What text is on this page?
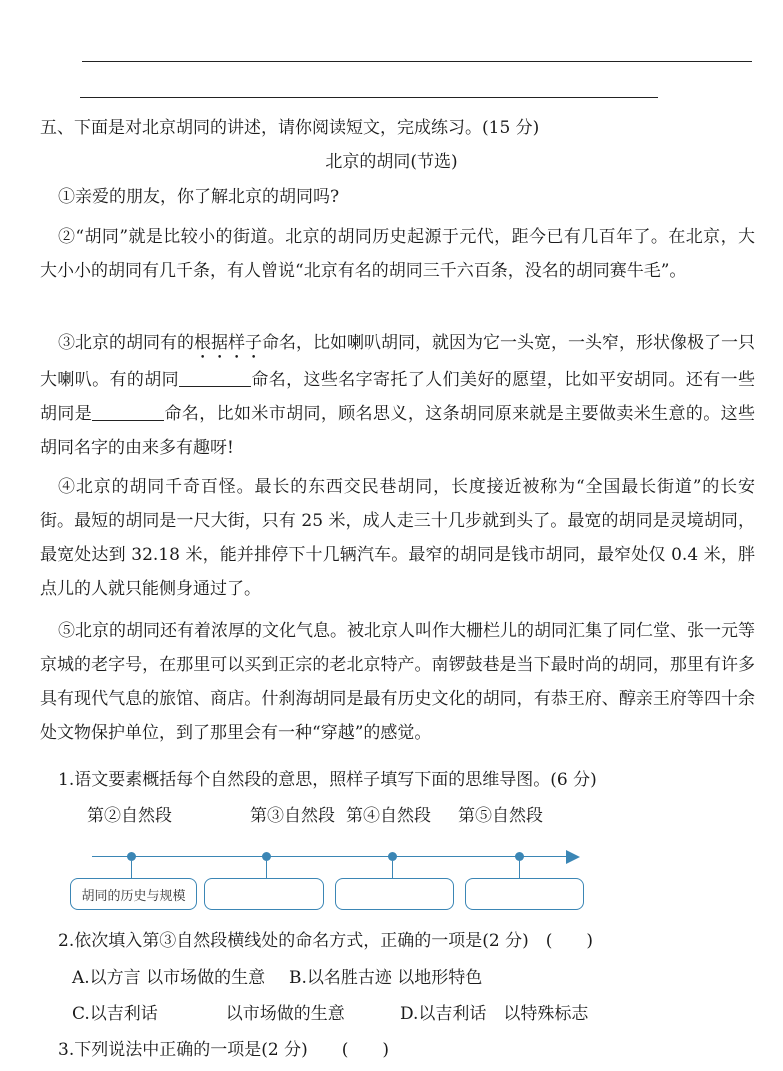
五、下面是对北京胡同的讲述，请你阅读短文，完成练习。(15 分)
北京的胡同(节选)
①亲爱的朋友，你了解北京的胡同吗?
②“胡同”就是比较小的街道。北京的胡同历史起源于元代，距今已有几百年了。在北京，大大小小的胡同有几千条，有人曾说“北京有名的胡同三千六百条，没名的胡同赛牛毛”。
③北京的胡同有的根据样子命名，比如喇叭胡同，就因为它一头宽，一头窄，形状像极了一只大喇叭。有的胡同	命名，这些名字寄托了人们美好的愿望，比如平安胡同。还有一些胡同是	命名，比如米市胡同，顾名思义，这条胡同原来就是主要做卖米生意的。这些胡同名字的由来多有趣呀!
④北京的胡同千奇百怪。最长的东西交民巷胡同，长度接近被称为“全国最长街道”的长安街。最短的胡同是一尺大街，只有 25 米，成人走三十几步就到头了。最宽的胡同是灵境胡同，最宽处达到 32.18 米，能并排停下十几辆汽车。最窄的胡同是钱市胡同，最窄处仅 0.4 米，胖点儿的人就只能侧身通过了。
⑤北京的胡同还有着浓厚的文化气息。被北京人叫作大栅栏儿的胡同汇集了同仁堂、张一元等京城的老字号，在那里可以买到正宗的老北京特产。南锣鼓巷是当下最时尚的胡同，那里有许多具有现代气息的旅馆、商店。什刹海胡同是最有历史文化的胡同，有恭王府、醇亲王府等四十余处文物保护单位，到了那里会有一种“穿越”的感觉。
1.语文要素概括每个自然段的意思，照样子填写下面的思维导图。(6 分)
第②自然段	第③自然段 第④自然段 第⑤自然段
胡同的历史与规模
2.依次填入第③自然段横线处的命名方式，正确的一项是(2 分)　(　　)
A.以方言 以市场做的生意 B.以名胜古迹 以地形特色
C.以吉利话　　　　以市场做的生意	D.以吉利话　以特殊标志
3.下列说法中正确的一项是(2 分)　　(　　)
